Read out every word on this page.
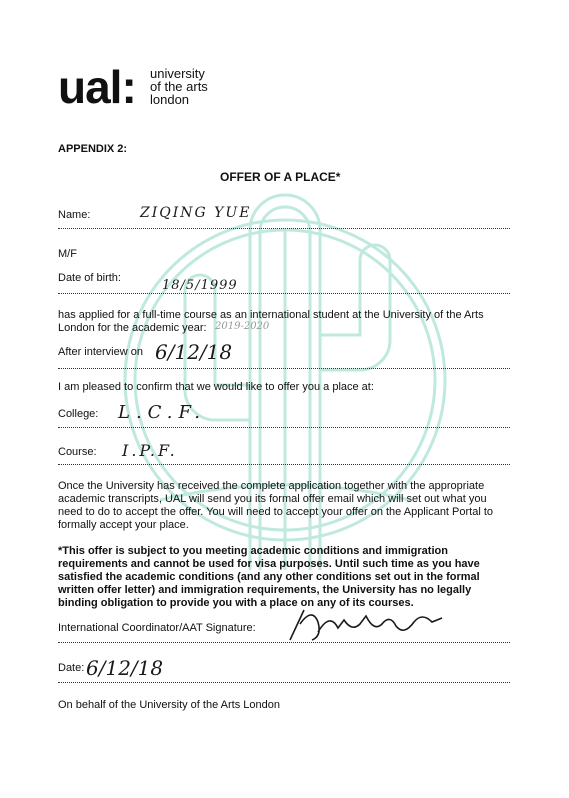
ual: university
of the arts
london
APPENDIX 2:
OFFER OF A PLACE*
Name:	ZIQING YUE
M/F
Date of birth:	18/5/1999
has applied for a full-time course as an international student at the University of the Arts
London for the academic year: 2019-2020
After interview on 6/12/18
I am pleased to confirm that we would like to offer you a place at:
College: L.C.F.
Course: I.P.F.
Once the University has received the complete application together with the appropriate
academic transcripts, UAL will send you its formal offer email which will set out what you
need to do to accept the offer. You will need to accept your offer on the Applicant Portal to
formally accept your place.
*This offer is subject to you meeting academic conditions and immigration
requirements and cannot be used for visa purposes. Until such time as you have
satisfied the academic conditions (and any other conditions set out in the formal
written offer letter) and immigration requirements, the University has no legally
binding obligation to provide you with a place on any of its courses.
International Coordinator/AAT Signature:
Date: 6/12/18
On behalf of the University of the Arts London
